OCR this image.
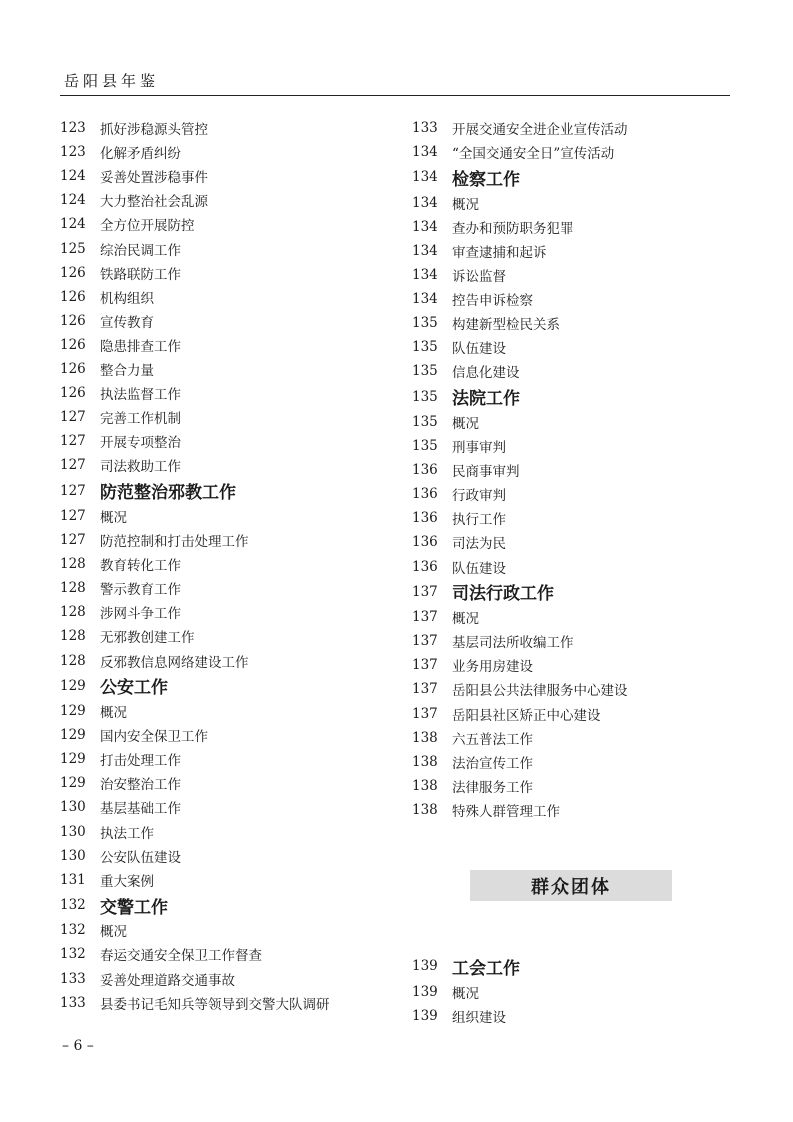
岳阳县年鉴
123	抓好涉稳源头管控
123	化解矛盾纠纷
124	妥善处置涉稳事件
124	大力整治社会乱源
124	全方位开展防控
125	综治民调工作
126	铁路联防工作
126	机构组织
126	宣传教育
126	隐患排查工作
126	整合力量
126	执法监督工作
127	完善工作机制
127	开展专项整治
127	司法救助工作
127 防范整治邪教工作
127	概况
127	防范控制和打击处理工作
128	教育转化工作
128	警示教育工作
128	涉网斗争工作
128	无邪教创建工作
128	反邪教信息网络建设工作
129 公安工作
129	概况
129	国内安全保卫工作
129	打击处理工作
129	治安整治工作
130	基层基础工作
130	执法工作
130	公安队伍建设
131	重大案例
132 交警工作
132	概况
132	春运交通安全保卫工作督查
133	妥善处理道路交通事故
133	县委书记毛知兵等领导到交警大队调研
133	开展交通安全进企业宣传活动
134	“全国交通安全日”宣传活动
134 检察工作
134	概况
134	查办和预防职务犯罪
134	审查逮捕和起诉
134	诉讼监督
134	控告申诉检察
135	构建新型检民关系
135	队伍建设
135	信息化建设
135 法院工作
135	概况
135	刑事审判
136	民商事审判
136	行政审判
136	执行工作
136	司法为民
136	队伍建设
137 司法行政工作
137	概况
137	基层司法所收编工作
137	业务用房建设
137	岳阳县公共法律服务中心建设
137	岳阳县社区矫正中心建设
138	六五普法工作
138	法治宣传工作
138	法律服务工作
138	特殊人群管理工作
群众团体
139 工会工作
139	概况
139	组织建设
– 6 –
